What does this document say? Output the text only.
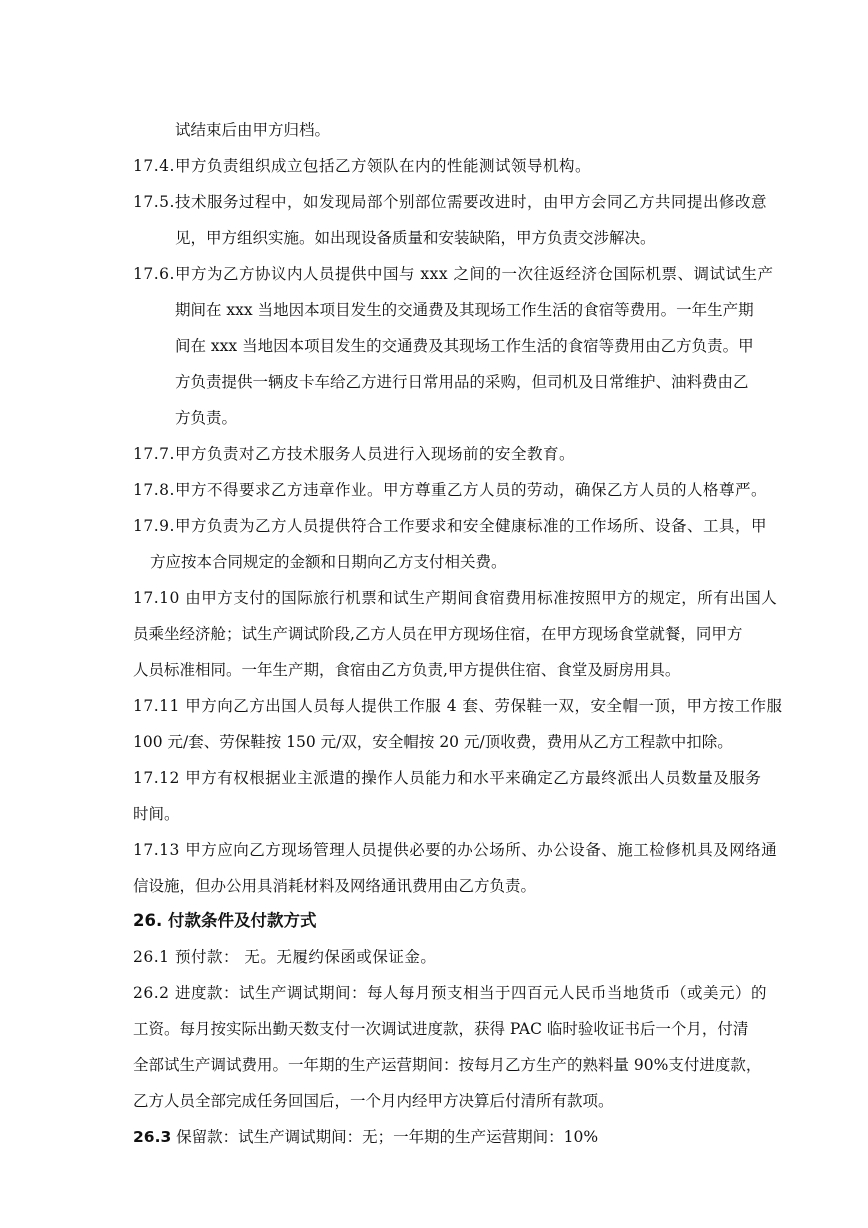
试结束后由甲方归档。
17.4.甲方负责组织成立包括乙方领队在内的性能测试领导机构。
17.5.技术服务过程中，如发现局部个别部位需要改进时，由甲方会同乙方共同提出修改意
见，甲方组织实施。如出现设备质量和安装缺陷，甲方负责交涉解决。
17.6.甲方为乙方协议内人员提供中国与 xxx 之间的一次往返经济仓国际机票、调试试生产
期间在 xxx 当地因本项目发生的交通费及其现场工作生活的食宿等费用。一年生产期
间在 xxx 当地因本项目发生的交通费及其现场工作生活的食宿等费用由乙方负责。甲
方负责提供一辆皮卡车给乙方进行日常用品的采购，但司机及日常维护、油料费由乙
方负责。
17.7.甲方负责对乙方技术服务人员进行入现场前的安全教育。
17.8.甲方不得要求乙方违章作业。甲方尊重乙方人员的劳动，确保乙方人员的人格尊严。
17.9.甲方负责为乙方人员提供符合工作要求和安全健康标准的工作场所、设备、工具，甲
方应按本合同规定的金额和日期向乙方支付相关费。
17.10 由甲方支付的国际旅行机票和试生产期间食宿费用标准按照甲方的规定，所有出国人
员乘坐经济舱；试生产调试阶段,乙方人员在甲方现场住宿，在甲方现场食堂就餐，同甲方
人员标准相同。一年生产期，食宿由乙方负责,甲方提供住宿、食堂及厨房用具。
17.11 甲方向乙方出国人员每人提供工作服 4 套、劳保鞋一双，安全帽一顶，甲方按工作服
100 元/套、劳保鞋按 150 元/双，安全帽按 20 元/顶收费，费用从乙方工程款中扣除。
17.12 甲方有权根据业主派遣的操作人员能力和水平来确定乙方最终派出人员数量及服务
时间。
17.13 甲方应向乙方现场管理人员提供必要的办公场所、办公设备、施工检修机具及网络通
信设施，但办公用具消耗材料及网络通讯费用由乙方负责。
26. 付款条件及付款方式
26.1 预付款： 无。无履约保函或保证金。
26.2 进度款：试生产调试期间：每人每月预支相当于四百元人民币当地货币（或美元）的
工资。每月按实际出勤天数支付一次调试进度款，获得 PAC 临时验收证书后一个月，付清
全部试生产调试费用。一年期的生产运营期间：按每月乙方生产的熟料量 90%支付进度款，
乙方人员全部完成任务回国后，一个月内经甲方决算后付清所有款项。
26.3 保留款：试生产调试期间：无；一年期的生产运营期间：10%
